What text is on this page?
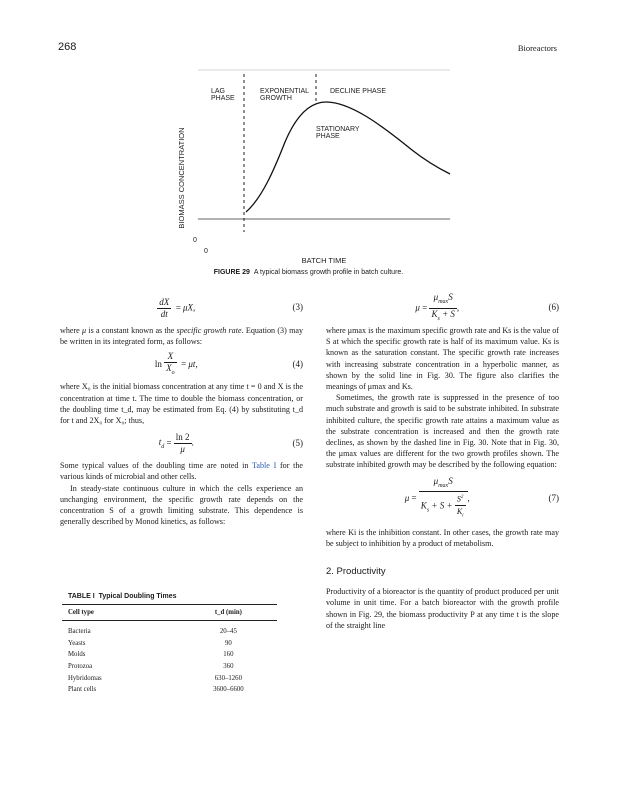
268	Bioreactors
LAG
PHASE
EXPONENTIAL
GROWTH
DECLINE PHASE
STATIONARY
PHASE
BIOMASS CONCENTRATION
0
0
BATCH TIME
FIGURE 29 A typical biomass growth profile in batch culture.
$\frac{dX}{dt} = \mu X$,	(3)

where μ is a constant known as the specific growth rate. Equation (3) may be written in its integrated form, as follows:

$\ln \frac{X}{X_o} = \mu t$,	(4)

where X₀ is the initial biomass concentration at any time t = 0 and X is the concentration at time t. The time to double the biomass concentration, or the doubling time t_d, may be estimated from Eq. (4) by substituting t_d for t and 2X₀ for X₀; thus,

$t_d = \frac{\ln 2}{\mu}$ .	(5)

Some typical values of the doubling time are noted in Table I for the various kinds of microbial and other cells.

In steady-state continuous culture in which the cells experience an unchanging environment, the specific growth rate depends on the concentration S of a growth limiting substrate. This dependence is generally described by Monod kinetics, as follows:

TABLE I Typical Doubling Times
Cell type	t_d (min)
Bacteria	20–45
Yeasts	90
Molds	160
Protozoa	360
Hybridomas	630–1260
Plant cells	3600–6600
$\mu = \frac{\mu_{max}S}{K_s + S}$ ,	(6)

where μmax is the maximum specific growth rate and Ks is the value of S at which the specific growth rate is half of its maximum value. Ks is known as the saturation constant. The specific growth rate increases with increasing substrate concentration in a hyperbolic manner, as shown by the solid line in Fig. 30. The figure also clarifies the meanings of μmax and Ks.

Sometimes, the growth rate is suppressed in the presence of too much substrate and growth is said to be substrate inhibited. In substrate inhibited culture, the specific growth rate attains a maximum value as the substrate concentration is increased and then the growth rate declines, as shown by the dashed line in Fig. 30. Note that in Fig. 30, the μmax values are different for the two growth profiles shown. The substrate inhibited growth may be described by the following equation:

$\mu = \frac{\mu_{max}S}{K_s + S + \frac{S^2}{K_i}}$ ,	(7)

where Ki is the inhibition constant. In other cases, the growth rate may be subject to inhibition by a product of metabolism.

2. Productivity

Productivity of a bioreactor is the quantity of product produced per unit volume in unit time. For a batch bioreactor with the growth profile shown in Fig. 29, the biomass productivity P at any time t is the slope of the straight line
